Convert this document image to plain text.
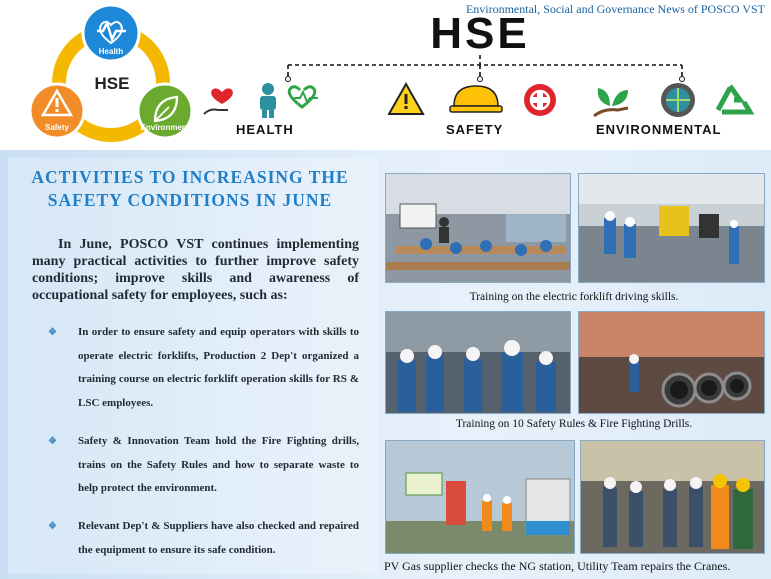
HSE
Health
Safety	Environment
Environmental, Social and Governance News of POSCO VST
HSE
HEALTH	SAFETY	ENVIRONMENTAL
ACTIVITIES TO INCREASING THE SAFETY CONDITIONS IN JUNE
In June, POSCO VST continues implementing many practical activities to further improve safety conditions; improve skills and awareness of occupational safety for employees, such as:
❖	In order to ensure safety and equip operators with skills to operate electric forklifts, Production 2 Dep't organized a training course on electric forklift operation skills for RS & LSC employees.
❖	Safety & Innovation Team hold the Fire Fighting drills, trains on the Safety Rules and how to separate waste to help protect the environment.
❖	Relevant Dep't & Suppliers have also checked and repaired the equipment to ensure its safe condition.
Training on the electric forklift driving skills.
Training on 10 Safety Rules & Fire Fighting Drills.
PV Gas supplier checks the NG station, Utility Team repairs the Cranes.
